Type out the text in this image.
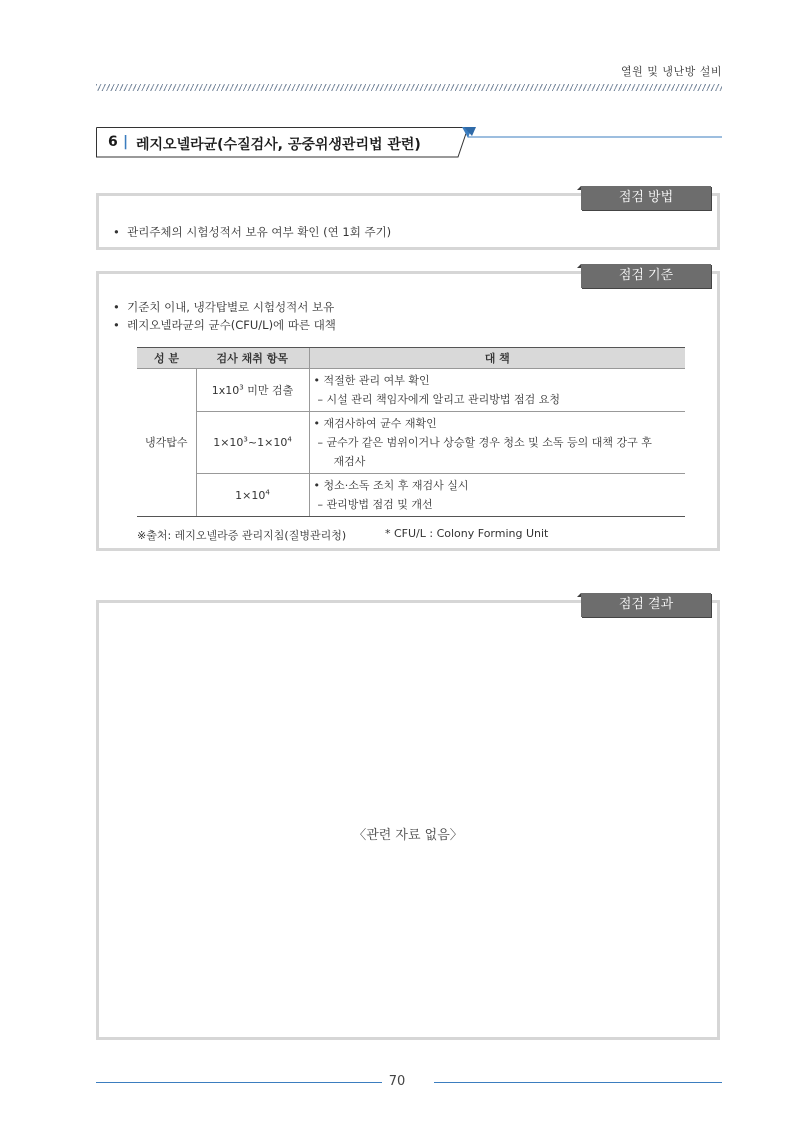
열원 및 냉난방 설비
6 | 레지오넬라균(수질검사, 공중위생관리법 관련)
점검 방법
•  관리주체의 시험성적서 보유 여부 확인 (연 1회 주기)
점검 기준
•  기준치 이내, 냉각탑별로 시험성적서 보유
•  레지오넬라균의 균수(CFU/L)에 따른 대책
성 분	검사 채취 항목	대 책
냉각탑수	$1x10^3$ 미만 검출	• 적절한 관리 여부 확인
– 시설 관리 책임자에게 알리고 관리방법 점검 요청

	$1\times 10^3\sim 1\times 10^4$	• 재검사하여 균수 재확인
– 균수가 같은 범위이거나 상승할 경우 청소 및 소독 등의 대책 강구 후
재검사

	$1\times 10^4$	• 청소·소독 조치 후 재검사 실시
– 관리방법 점검 및 개선
※출처: 레지오넬라증 관리지침(질병관리청)	* CFU/L : Colony Forming Unit
점검 결과
〈관련 자료 없음〉
70
